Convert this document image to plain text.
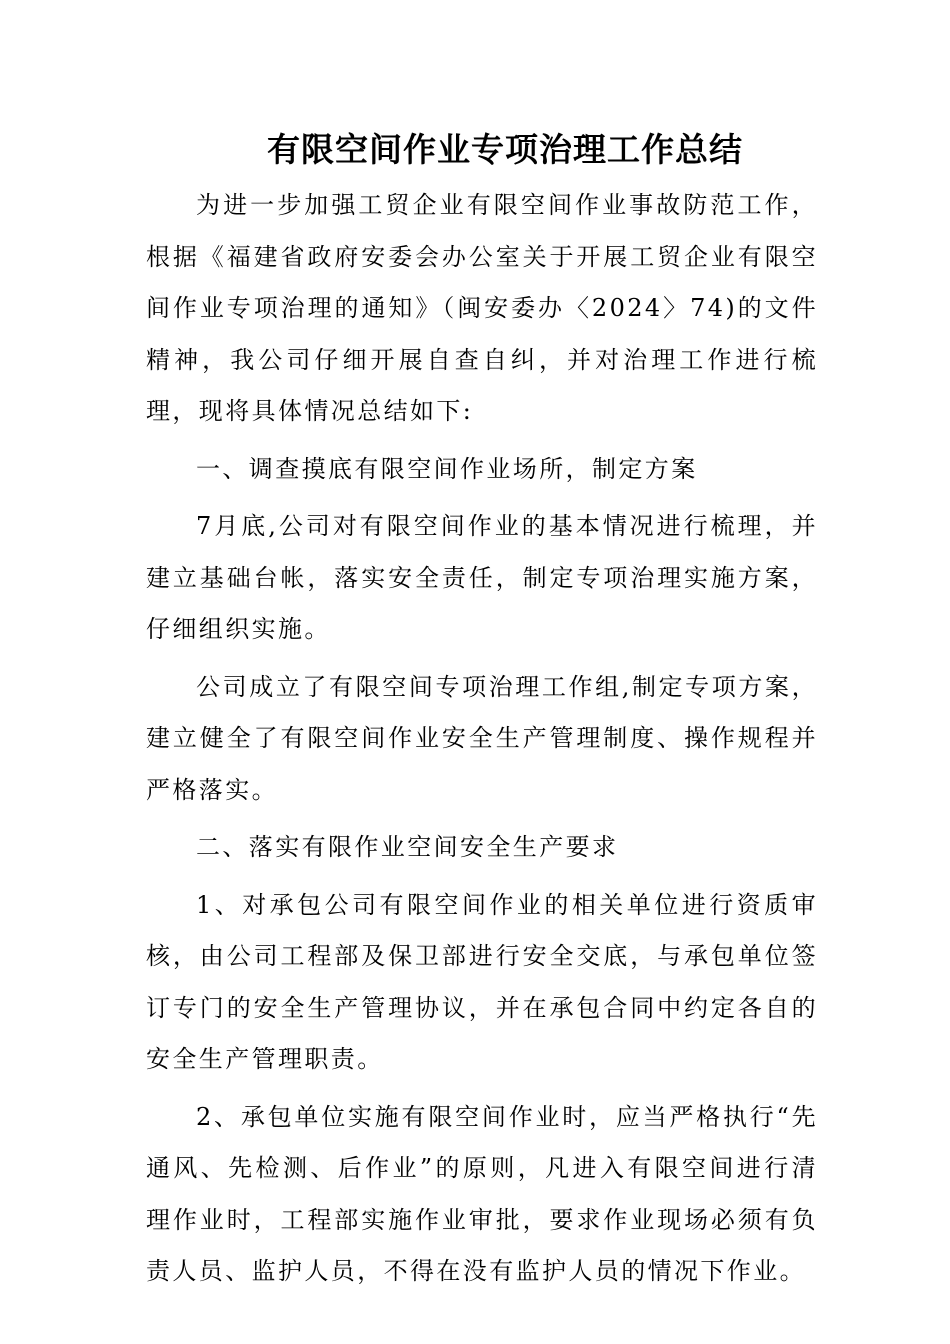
有限空间作业专项治理工作总结

为进一步加强工贸企业有限空间作业事故防范工作，根据《福建省政府安委会办公室关于开展工贸企业有限空间作业专项治理的通知》（闽安委办〈2024〉74)的文件精神，我公司仔细开展自查自纠，并对治理工作进行梳理，现将具体情况总结如下:

一、调查摸底有限空间作业场所，制定方案

7月底,公司对有限空间作业的基本情况进行梳理，并建立基础台帐，落实安全责任，制定专项治理实施方案，仔细组织实施。

公司成立了有限空间专项治理工作组,制定专项方案，建立健全了有限空间作业安全生产管理制度、操作规程并严格落实。

二、落实有限作业空间安全生产要求

1、对承包公司有限空间作业的相关单位进行资质审核，由公司工程部及保卫部进行安全交底，与承包单位签订专门的安全生产管理协议，并在承包合同中约定各自的安全生产管理职责。

2、承包单位实施有限空间作业时，应当严格执行“先通风、先检测、后作业”的原则，凡进入有限空间进行清理作业时，工程部实施作业审批，要求作业现场必须有负责人员、监护人员，不得在没有监护人员的情况下作业。
